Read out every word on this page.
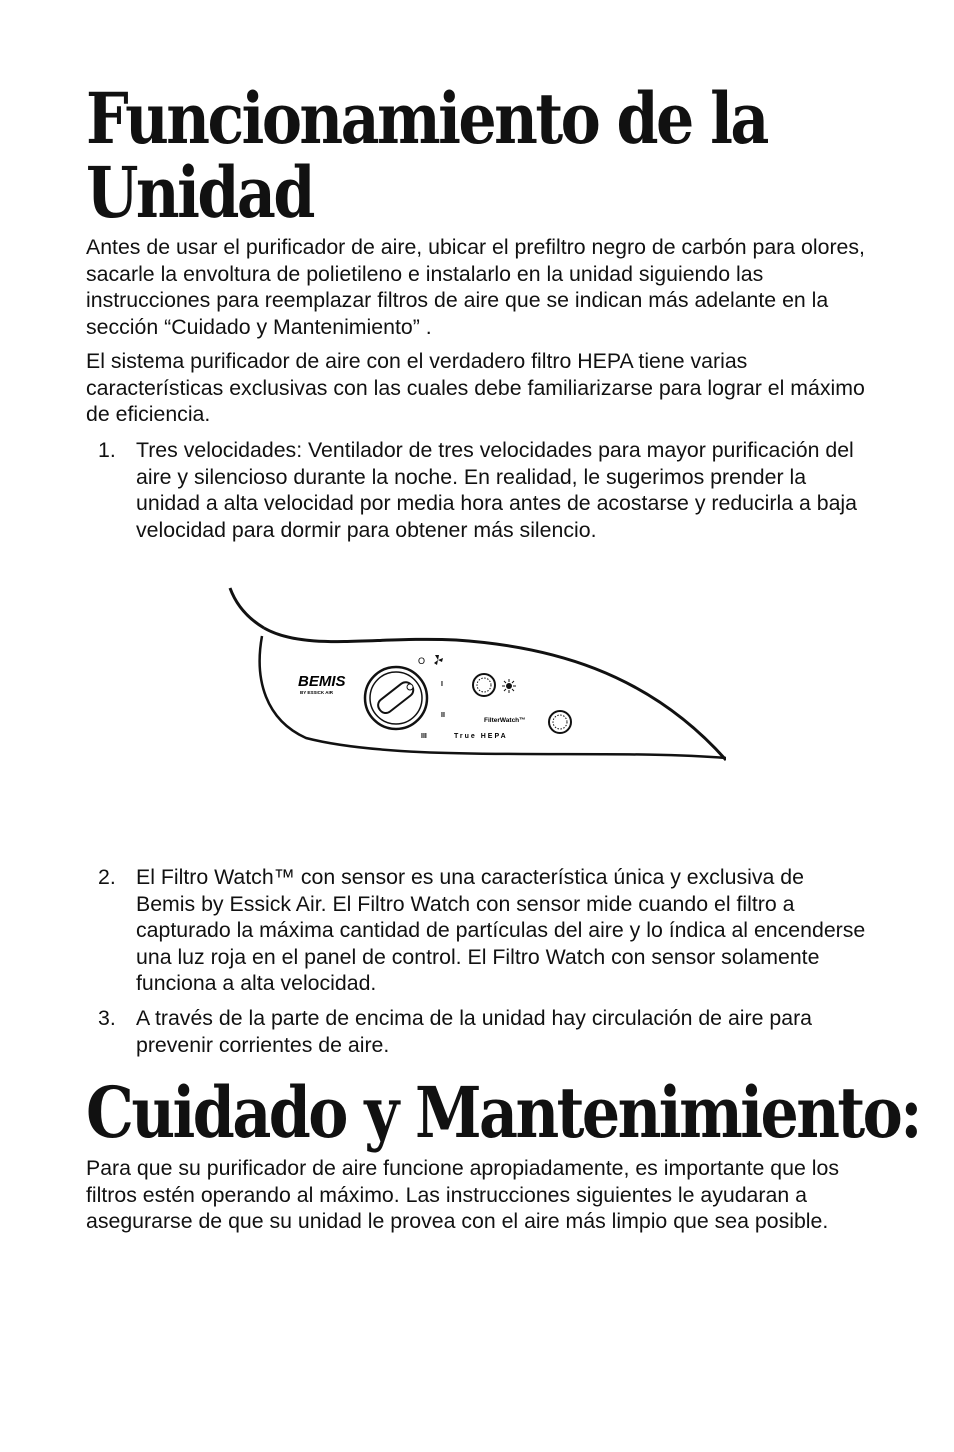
Funcionamiento de la
Unidad

Antes de usar el purificador de aire, ubicar el prefiltro negro de carbón para olores, sacarle la envoltura de polietileno e instalarlo en la unidad siguiendo las instrucciones para reemplazar filtros de aire que se indican más adelante en la sección “Cuidado y Mantenimiento” .

El sistema purificador de aire con el verdadero filtro HEPA tiene varias características exclusivas con las cuales debe familiarizarse para lograr el máximo de eficiencia.

1. Tres velocidades: Ventilador de tres velocidades para mayor purificación del aire y silencioso durante la noche. En realidad, le sugerimos prender la unidad a alta velocidad por media hora antes de acostarse y reducirla a baja velocidad para dormir para obtener más silencio.
BEMIS
BY ESSICK AIR
O
I
II
III	True HEPA
FilterWatch™
2. El Filtro Watch™ con sensor es una característica única y exclusiva de Bemis by Essick Air. El Filtro Watch con sensor mide cuando el filtro a capturado la máxima cantidad de partículas del aire y lo índica al encenderse una luz roja en el panel de control. El Filtro Watch con sensor solamente funciona a alta velocidad.
3. A través de la parte de encima de la unidad hay circulación de aire para prevenir corrientes de aire.
Cuidado y Mantenimiento:

Para que su purificador de aire funcione apropiadamente, es importante que los filtros estén operando al máximo. Las instrucciones siguientes le ayudaran a asegurarse de que su unidad le provea con el aire más limpio que sea posible.
